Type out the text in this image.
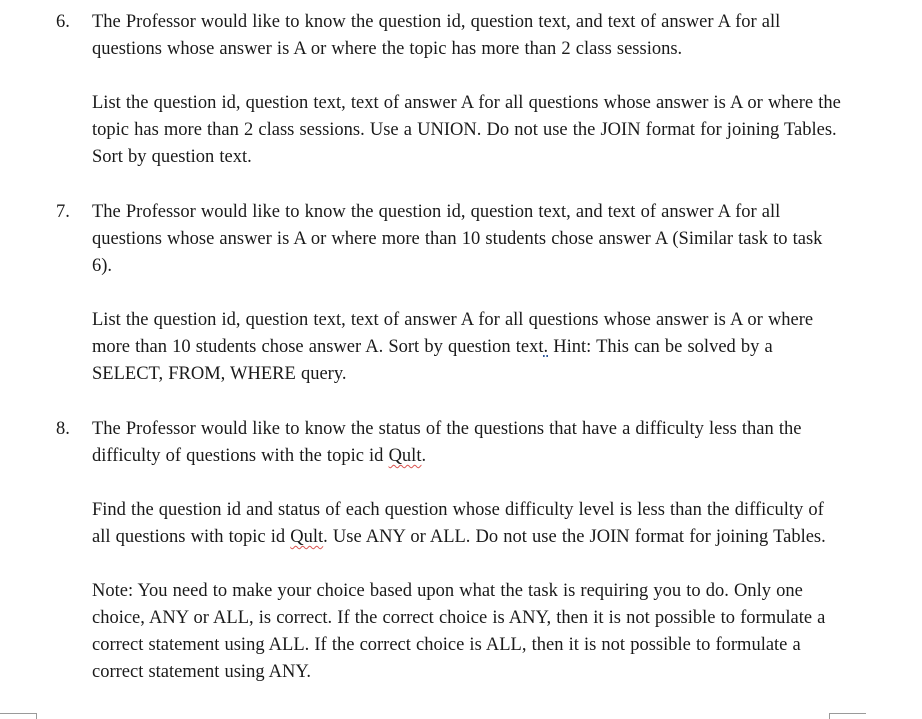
6. The Professor would like to know the question id, question text, and text of answer A for all questions whose answer is A or where the topic has more than 2 class sessions.

List the question id, question text, text of answer A for all questions whose answer is A or where the topic has more than 2 class sessions. Use a UNION. Do not use the JOIN format for joining Tables. Sort by question text.

7. The Professor would like to know the question id, question text, and text of answer A for all questions whose answer is A or where more than 10 students chose answer A (Similar task to task 6).

List the question id, question text, text of answer A for all questions whose answer is A or where more than 10 students chose answer A. Sort by question text. Hint: This can be solved by a SELECT, FROM, WHERE query.

8. The Professor would like to know the status of the questions that have a difficulty less than the difficulty of questions with the topic id Qult.

Find the question id and status of each question whose difficulty level is less than the difficulty of all questions with topic id Qult. Use ANY or ALL. Do not use the JOIN format for joining Tables.

Note: You need to make your choice based upon what the task is requiring you to do. Only one choice, ANY or ALL, is correct. If the correct choice is ANY, then it is not possible to formulate a correct statement using ALL. If the correct choice is ALL, then it is not possible to formulate a correct statement using ANY.
